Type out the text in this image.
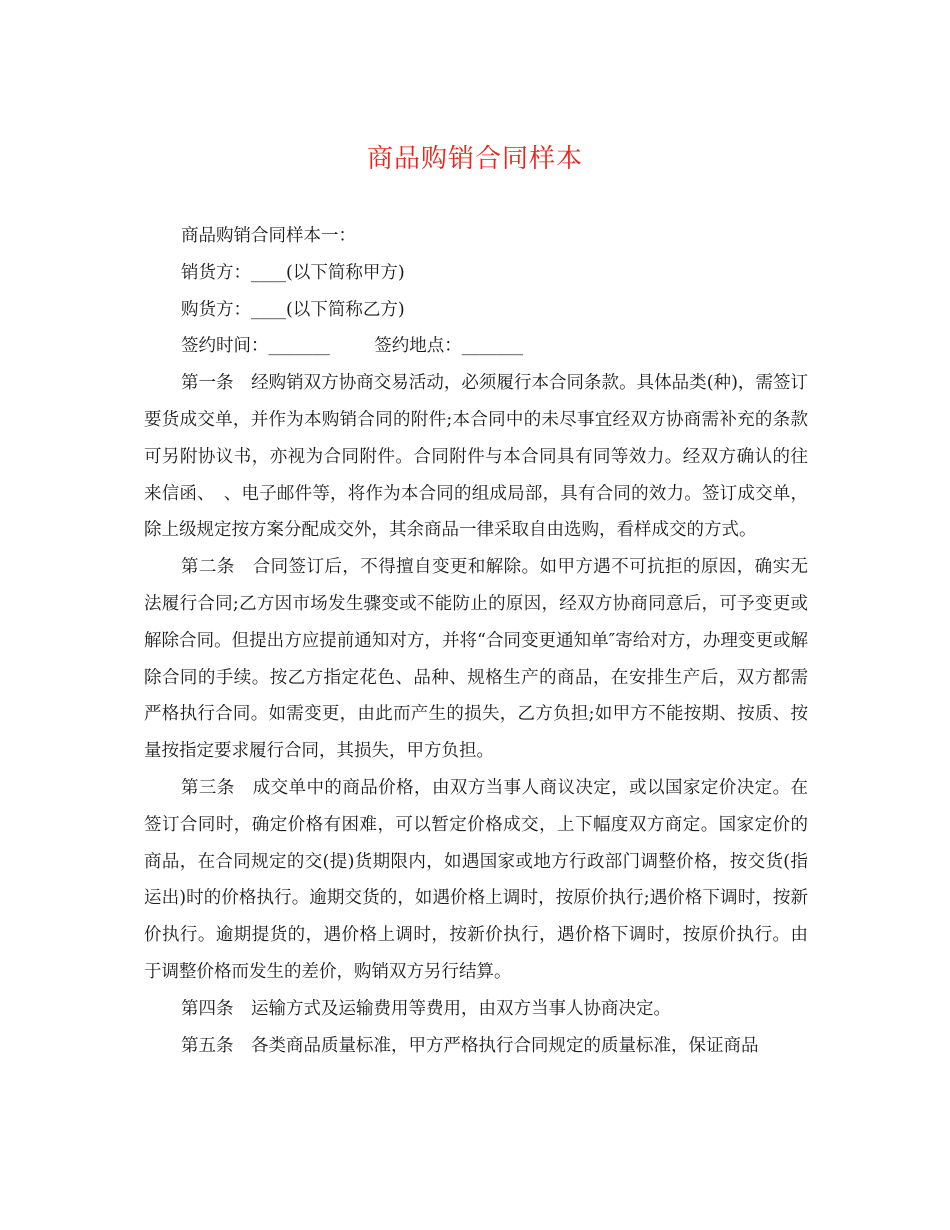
商品购销合同样本

商品购销合同样本一：

销货方：____(以下简称甲方)

购货方：____(以下简称乙方)

签约时间：_______        签约地点：_______

第一条　经购销双方协商交易活动，必须履行本合同条款。具体品类(种)，需签订要货成交单，并作为本购销合同的附件;本合同中的未尽事宜经双方协商需补充的条款可另附协议书，亦视为合同附件。合同附件与本合同具有同等效力。经双方确认的往来信函、　、电子邮件等，将作为本合同的组成局部，具有合同的效力。签订成交单，除上级规定按方案分配成交外，其余商品一律采取自由选购，看样成交的方式。

第二条　合同签订后，不得擅自变更和解除。如甲方遇不可抗拒的原因，确实无法履行合同;乙方因市场发生骤变或不能防止的原因，经双方协商同意后，可予变更或解除合同。但提出方应提前通知对方，并将“合同变更通知单″寄给对方，办理变更或解除合同的手续。按乙方指定花色、品种、规格生产的商品，在安排生产后，双方都需严格执行合同。如需变更，由此而产生的损失，乙方负担;如甲方不能按期、按质、按量按指定要求履行合同，其损失，甲方负担。

第三条　成交单中的商品价格，由双方当事人商议决定，或以国家定价决定。在签订合同时，确定价格有困难，可以暂定价格成交，上下幅度双方商定。国家定价的商品，在合同规定的交(提)货期限内，如遇国家或地方行政部门调整价格，按交货(指运出)时的价格执行。逾期交货的，如遇价格上调时，按原价执行;遇价格下调时，按新价执行。逾期提货的，遇价格上调时，按新价执行，遇价格下调时，按原价执行。由于调整价格而发生的差价，购销双方另行结算。

第四条　运输方式及运输费用等费用，由双方当事人协商决定。

第五条　各类商品质量标准，甲方严格执行合同规定的质量标准，保证商品
